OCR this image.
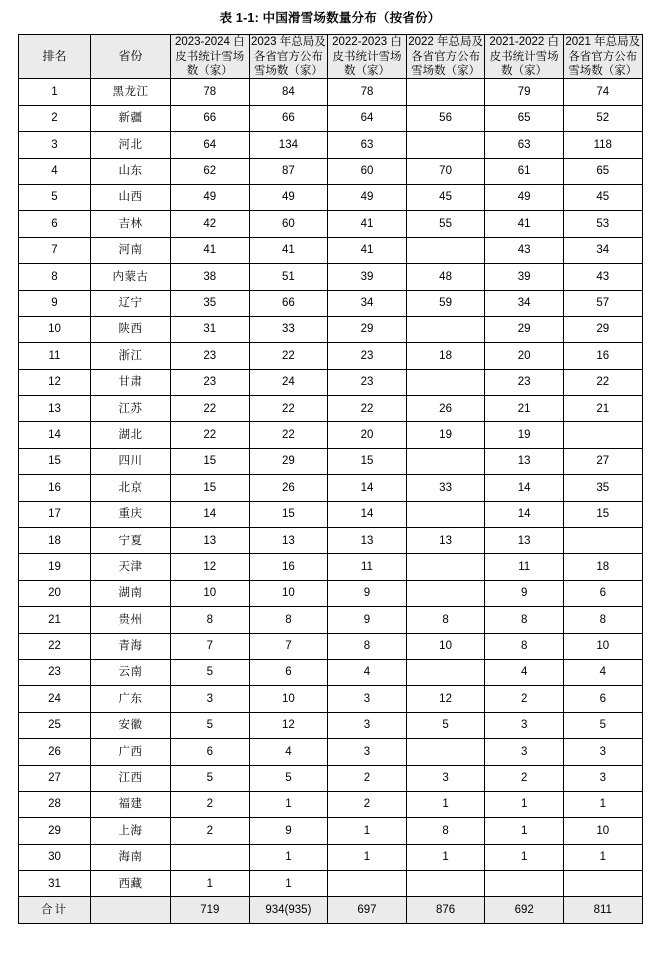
表 1-1: 中国滑雪场数量分布（按省份）
排名	省份	2023-2024 白皮书统计雪场数（家）	2023 年总局及各省官方公布雪场数（家）	2022-2023 白皮书统计雪场数（家）	2022 年总局及各省官方公布雪场数（家）	2021-2022 白皮书统计雪场数（家）	2021 年总局及各省官方公布雪场数（家）
1	黑龙江	78	84	78		79	74
2	新疆	66	66	64	56	65	52
3	河北	64	134	63		63	118
4	山东	62	87	60	70	61	65
5	山西	49	49	49	45	49	45
6	吉林	42	60	41	55	41	53
7	河南	41	41	41		43	34
8	内蒙古	38	51	39	48	39	43
9	辽宁	35	66	34	59	34	57
10	陕西	31	33	29		29	29
11	浙江	23	22	23	18	20	16
12	甘肃	23	24	23		23	22
13	江苏	22	22	22	26	21	21
14	湖北	22	22	20	19	19	
15	四川	15	29	15		13	27
16	北京	15	26	14	33	14	35
17	重庆	14	15	14		14	15
18	宁夏	13	13	13	13	13	
19	天津	12	16	11		11	18
20	湖南	10	10	9		9	6
21	贵州	8	8	9	8	8	8
22	青海	7	7	8	10	8	10
23	云南	5	6	4		4	4
24	广东	3	10	3	12	2	6
25	安徽	5	12	3	5	3	5
26	广西	6	4	3		3	3
27	江西	5	5	2	3	2	3
28	福建	2	1	2	1	1	1
29	上海	2	9	1	8	1	10
30	海南		1	1	1	1	1
31	西藏	1	1				
合计		719	934(935)	697	876	692	811
